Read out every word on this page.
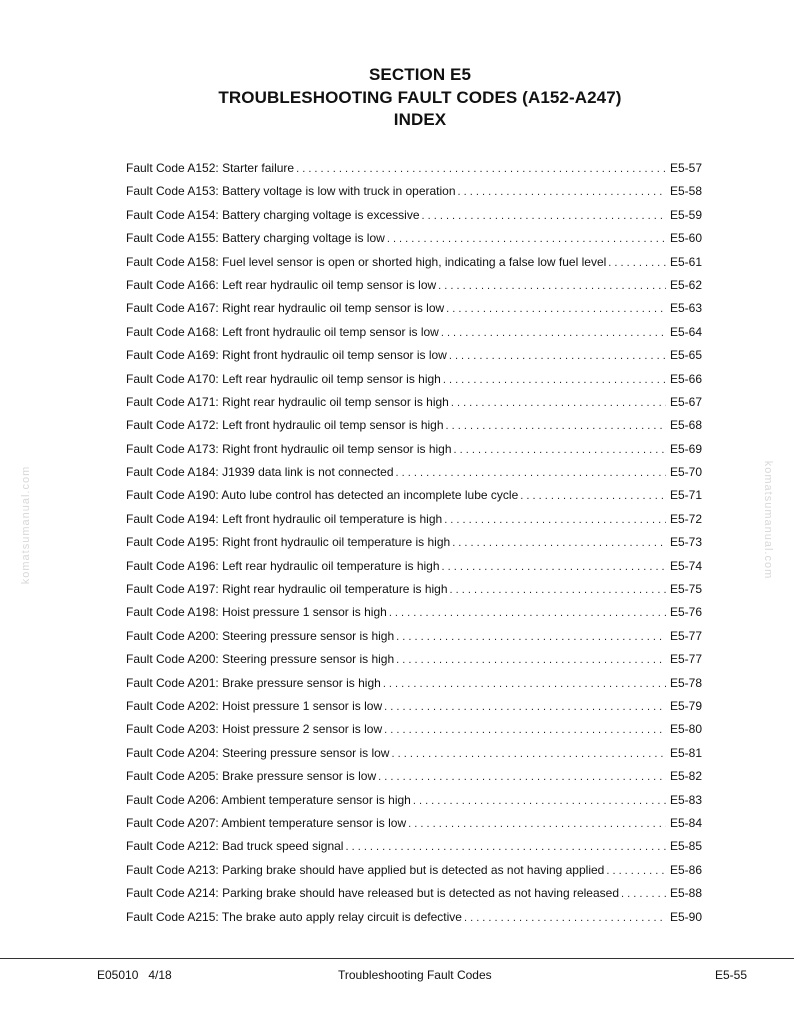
SECTION E5
TROUBLESHOOTING FAULT CODES (A152-A247)
INDEX
Fault Code A152: Starter failure . . .	E5-57
Fault Code A153: Battery voltage is low with truck in operation . . .	E5-58
Fault Code A154: Battery charging voltage is excessive . . .	E5-59
Fault Code A155: Battery charging voltage is low . . .	E5-60
Fault Code A158: Fuel level sensor is open or shorted high, indicating a false low fuel level . . .	E5-61
Fault Code A166: Left rear hydraulic oil temp sensor is low . . .	E5-62
Fault Code A167: Right rear hydraulic oil temp sensor is low . . .	E5-63
Fault Code A168: Left front hydraulic oil temp sensor is low . . .	E5-64
Fault Code A169: Right front hydraulic oil temp sensor is low . . .	E5-65
Fault Code A170: Left rear hydraulic oil temp sensor is high . . .	E5-66
Fault Code A171: Right rear hydraulic oil temp sensor is high . . .	E5-67
Fault Code A172: Left front hydraulic oil temp sensor is high . . .	E5-68
Fault Code A173: Right front hydraulic oil temp sensor is high . . .	E5-69
Fault Code A184: J1939 data link is not connected . . .	E5-70
Fault Code A190: Auto lube control has detected an incomplete lube cycle . . .	E5-71
Fault Code A194: Left front hydraulic oil temperature is high . . .	E5-72
Fault Code A195: Right front hydraulic oil temperature is high . . .	E5-73
Fault Code A196: Left rear hydraulic oil temperature is high . . .	E5-74
Fault Code A197: Right rear hydraulic oil temperature is high . . .	E5-75
Fault Code A198: Hoist pressure 1 sensor is high . . .	E5-76
Fault Code A200: Steering pressure sensor is high . . .	E5-77
Fault Code A200: Steering pressure sensor is high . . .	E5-77
Fault Code A201: Brake pressure sensor is high . . .	E5-78
Fault Code A202: Hoist pressure 1 sensor is low . . .	E5-79
Fault Code A203: Hoist pressure 2 sensor is low . . .	E5-80
Fault Code A204: Steering pressure sensor is low . . .	E5-81
Fault Code A205: Brake pressure sensor is low . . .	E5-82
Fault Code A206: Ambient temperature sensor is high . . .	E5-83
Fault Code A207: Ambient temperature sensor is low . . .	E5-84
Fault Code A212: Bad truck speed signal . . .	E5-85
Fault Code A213: Parking brake should have applied but is detected as not having applied . . .	E5-86
Fault Code A214: Parking brake should have released but is detected as not having released . . .	E5-88
Fault Code A215: The brake auto apply relay circuit is defective . . .	E5-90
komatsumanual.com	komatsumanual.com
E05010   4/18	Troubleshooting Fault Codes	E5-55
